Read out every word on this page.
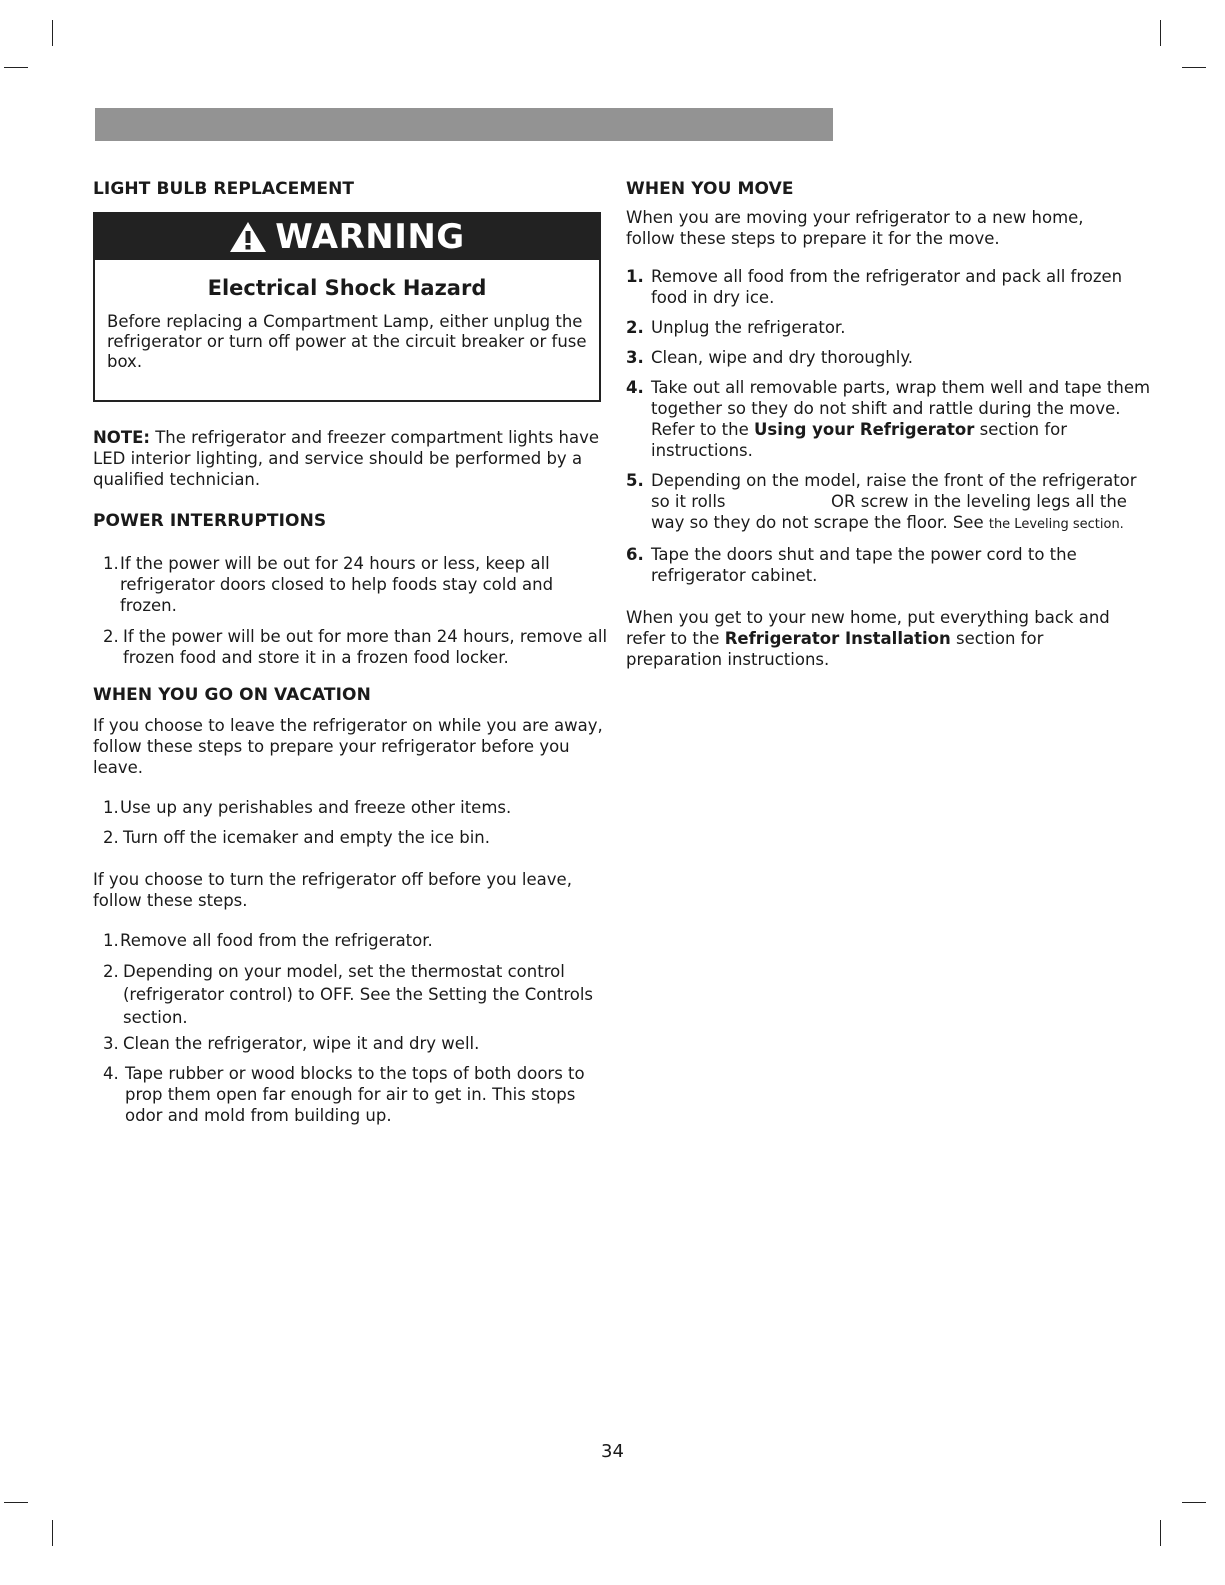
LIGHT BULB REPLACEMENT
WARNING
Electrical Shock Hazard
Before replacing a Compartment Lamp, either unplug the refrigerator or turn off power at the circuit breaker or fuse box.

NOTE: The refrigerator and freezer compartment lights have LED interior lighting, and service should be performed by a qualified technician.

POWER INTERRUPTIONS
1. If the power will be out for 24 hours or less, keep all refrigerator doors closed to help foods stay cold and frozen.
2. If the power will be out for more than 24 hours, remove all frozen food and store it in a frozen food locker.
WHEN YOU GO ON VACATION

If you choose to leave the refrigerator on while you are away, follow these steps to prepare your refrigerator before you leave.

1. Use up any perishables and freeze other items.
2. Turn off the icemaker and empty the ice bin.

If you choose to turn the refrigerator off before you leave, follow these steps.

1. Remove all food from the refrigerator.
2. Depending on your model, set the thermostat control (refrigerator control) to OFF. See the Setting the Controls section.
3. Clean the refrigerator, wipe it and dry well.
4. Tape rubber or wood blocks to the tops of both doors to prop them open far enough for air to get in. This stops odor and mold from building up.
WHEN YOU MOVE

When you are moving your refrigerator to a new home, follow these steps to prepare it for the move.

1. Remove all food from the refrigerator and pack all frozen food in dry ice.
2. Unplug the refrigerator.
3. Clean, wipe and dry thoroughly.
4. Take out all removable parts, wrap them well and tape them together so they do not shift and rattle during the move. Refer to the Using your Refrigerator section for  instructions.
5. Depending on the model, raise the front of the refrigerator so it rolls	OR screw in the leveling legs all the way so they do not scrape the floor. See the Leveling section.
6. Tape the doors shut and tape the power cord to the refrigerator cabinet.

When you get to your new home, put everything back and refer to the Refrigerator Installation section for preparation instructions.

34
